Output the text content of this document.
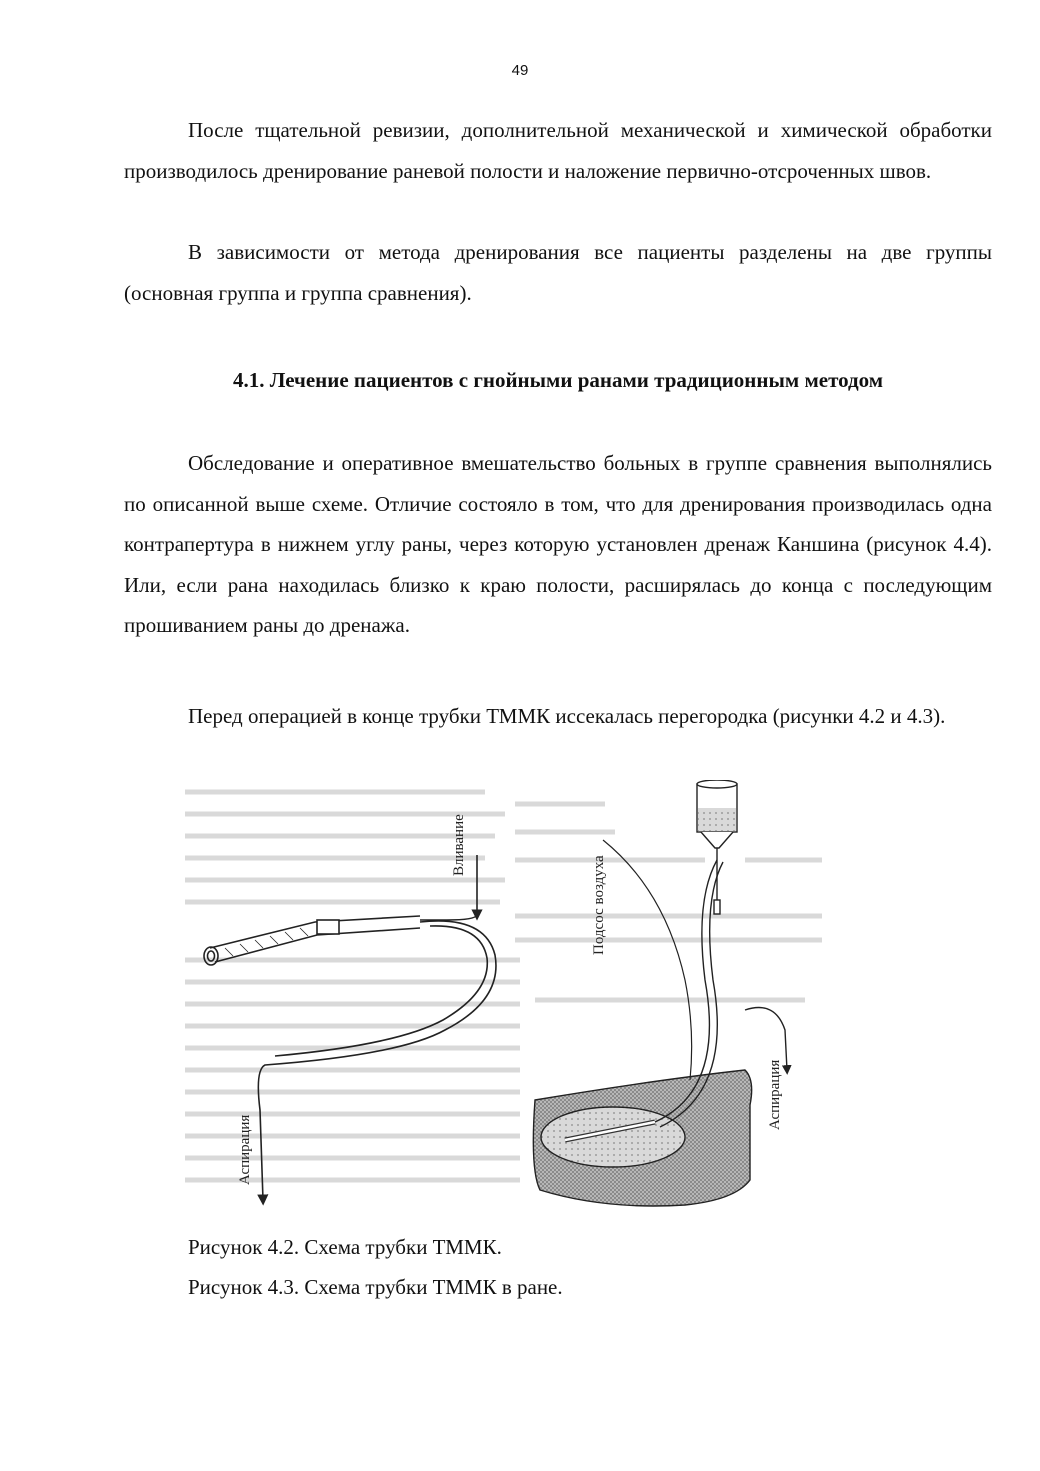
49

После тщательной ревизии, дополнительной механической и химической обработки производилось дренирование раневой полости и наложение первично-отсроченных швов.

В зависимости от метода дренирования все пациенты разделены на две группы (основная группа и группа сравнения).

4.1. Лечение пациентов с гнойными ранами традиционным методом

Обследование и оперативное вмешательство больных в группе сравнения выполнялись по описанной выше схеме. Отличие состояло в том, что для дренирования производилась одна контрапертура в нижнем углу раны, через которую установлен дренаж Каншина (рисунок 4.4). Или, если рана находилась близко к краю полости, расширялась до конца с последующим прошиванием раны до дренажа.

Перед операцией в конце трубки ТММК иссекалась перегородка (рисунки 4.2 и 4.3).

Вливание
Аспирация
Подсос воздуха
Аспирация

Рисунок 4.2. Схема трубки ТММК.

Рисунок 4.3. Схема трубки ТММК в ране.
